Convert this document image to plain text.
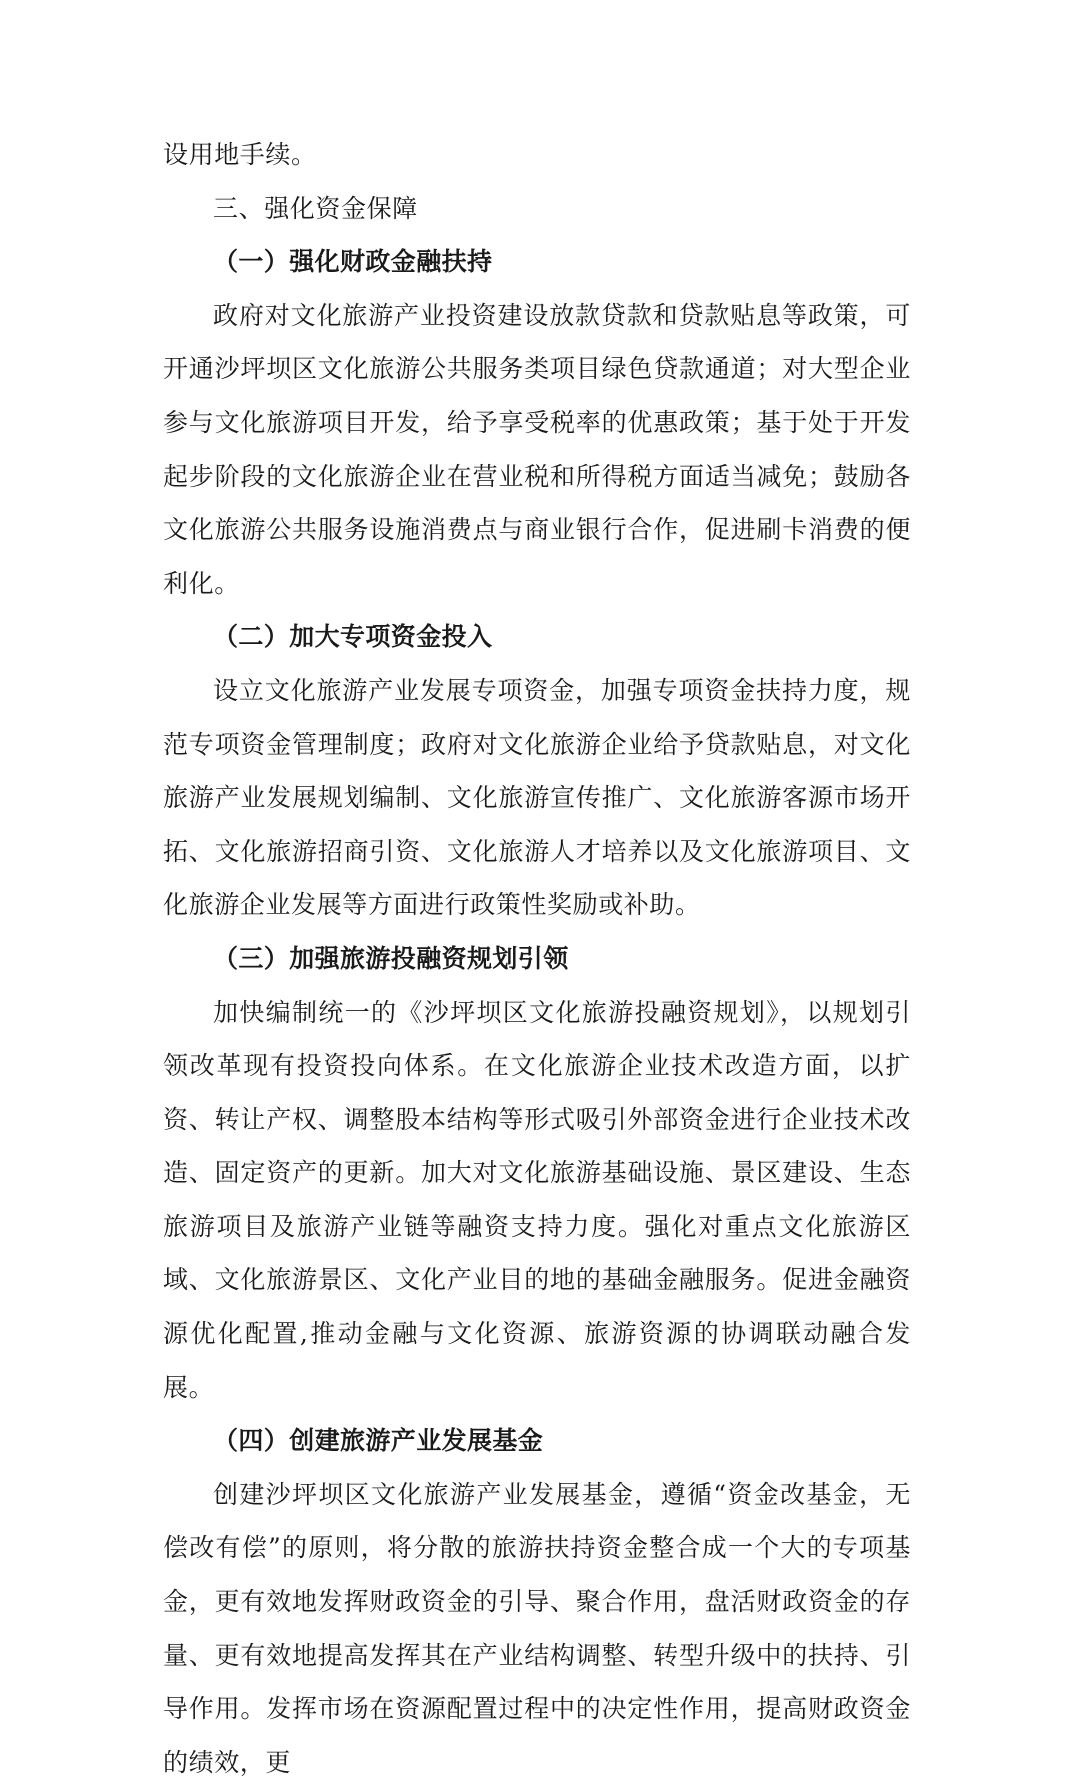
设用地手续。

三、强化资金保障

（一）强化财政金融扶持

政府对文化旅游产业投资建设放款贷款和贷款贴息等政策，可开通沙坪坝区文化旅游公共服务类项目绿色贷款通道；对大型企业参与文化旅游项目开发，给予享受税率的优惠政策；基于处于开发起步阶段的文化旅游企业在营业税和所得税方面适当减免；鼓励各文化旅游公共服务设施消费点与商业银行合作，促进刷卡消费的便利化。

（二）加大专项资金投入

设立文化旅游产业发展专项资金，加强专项资金扶持力度，规范专项资金管理制度；政府对文化旅游企业给予贷款贴息，对文化旅游产业发展规划编制、文化旅游宣传推广、文化旅游客源市场开拓、文化旅游招商引资、文化旅游人才培养以及文化旅游项目、文化旅游企业发展等方面进行政策性奖励或补助。

（三）加强旅游投融资规划引领

加快编制统一的《沙坪坝区文化旅游投融资规划》，以规划引领改革现有投资投向体系。在文化旅游企业技术改造方面，以扩资、转让产权、调整股本结构等形式吸引外部资金进行企业技术改造、固定资产的更新。加大对文化旅游基础设施、景区建设、生态旅游项目及旅游产业链等融资支持力度。强化对重点文化旅游区域、文化旅游景区、文化产业目的地的基础金融服务。促进金融资源优化配置,推动金融与文化资源、旅游资源的协调联动融合发展。

（四）创建旅游产业发展基金

创建沙坪坝区文化旅游产业发展基金，遵循“资金改基金，无偿改有偿”的原则，将分散的旅游扶持资金整合成一个大的专项基金，更有效地发挥财政资金的引导、聚合作用，盘活财政资金的存量、更有效地提高发挥其在产业结构调整、转型升级中的扶持、引导作用。发挥市场在资源配置过程中的决定性作用，提高财政资金的绩效，更
